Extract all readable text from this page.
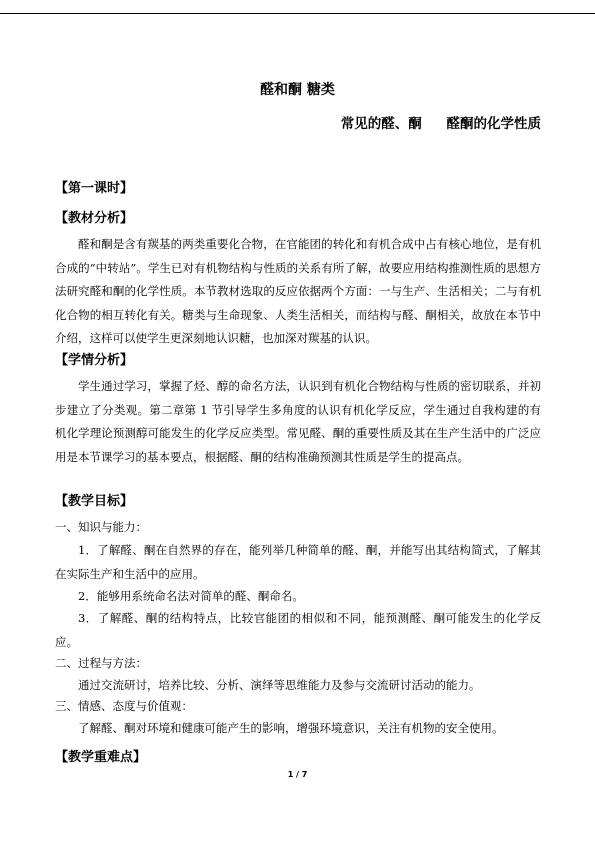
醛和酮 糖类
常见的醛、酮 醛酮的化学性质
【第一课时】
【教材分析】

醛和酮是含有羰基的两类重要化合物，在官能团的转化和有机合成中占有核心地位，是有机合成的“中转站”。学生已对有机物结构与性质的关系有所了解，故要应用结构推测性质的思想方法研究醛和酮的化学性质。本节教材选取的反应依据两个方面：一与生产、生活相关；二与有机化合物的相互转化有关。糖类与生命现象、人类生活相关，而结构与醛、酮相关，故放在本节中介绍，这样可以使学生更深刻地认识糖，也加深对羰基的认识。

【学情分析】

学生通过学习，掌握了烃、醇的命名方法，认识到有机化合物结构与性质的密切联系，并初步建立了分类观。第二章第 1 节引导学生多角度的认识有机化学反应，学生通过自我构建的有机化学理论预测醇可能发生的化学反应类型。常见醛、酮的重要性质及其在生产生活中的广泛应用是本节课学习的基本要点，根据醛、酮的结构准确预测其性质是学生的提高点。

【教学目标】

一、知识与能力：

1．了解醛、酮在自然界的存在，能列举几种简单的醛、酮，并能写出其结构简式，了解其在实际生产和生活中的应用。

2．能够用系统命名法对简单的醛、酮命名。

3．了解醛、酮的结构特点，比较官能团的相似和不同，能预测醛、酮可能发生的化学反应。

二、过程与方法：

通过交流研讨，培养比较、分析、演绎等思维能力及参与交流研讨活动的能力。

三、情感、态度与价值观：

了解醛、酮对环境和健康可能产生的影响，增强环境意识，关注有机物的安全使用。

【教学重难点】
1 / 7
